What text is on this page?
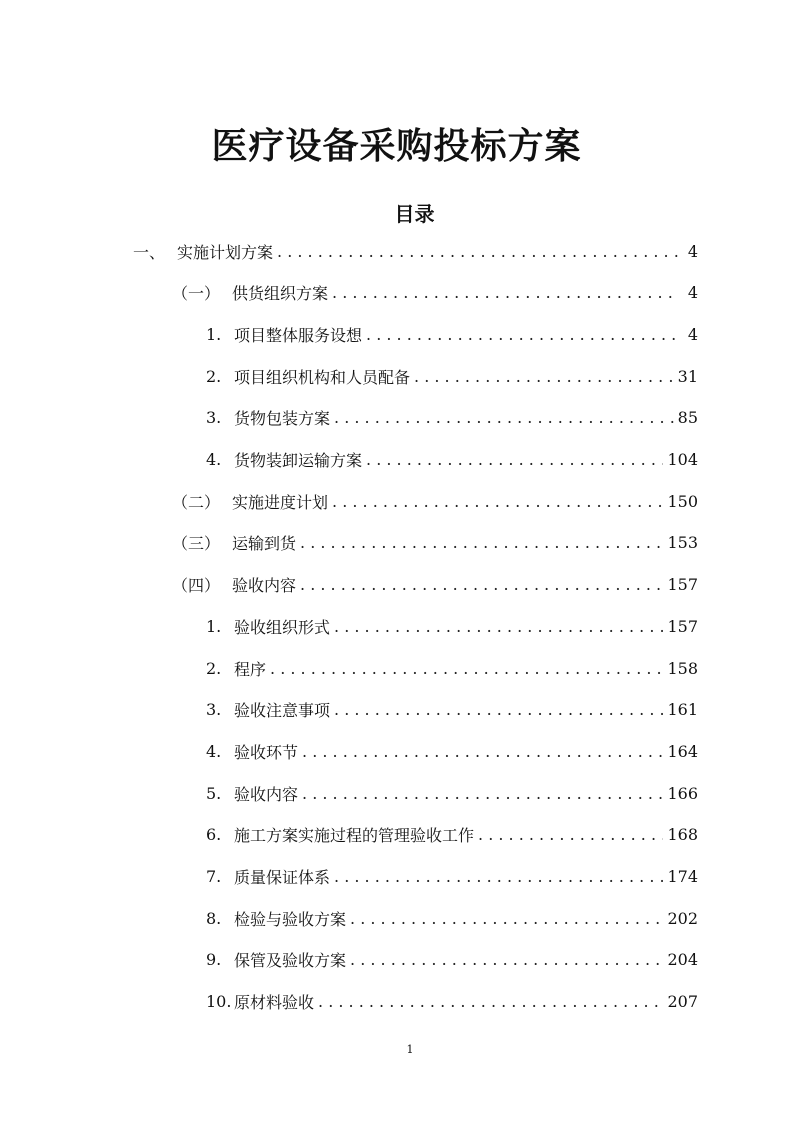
医疗设备采购投标方案
目录
一、 实施计划方案 . . .	4
（一） 供货组织方案 . . .	4
1. 项目整体服务设想 . . .	4
2. 项目组织机构和人员配备 . . .	31
3. 货物包装方案 . . .	85
4. 货物装卸运输方案 . . .	104
（二） 实施进度计划 . . .	150
（三） 运输到货 . . .	153
（四） 验收内容 . . .	157
1. 验收组织形式 . . .	157
2. 程序 . . .	158
3. 验收注意事项 . . .	161
4. 验收环节 . . .	164
5. 验收内容 . . .	166
6. 施工方案实施过程的管理验收工作 . . .	168
7. 质量保证体系 . . .	174
8. 检验与验收方案 . . .	202
9. 保管及验收方案 . . .	204
10. 原材料验收 . . .	207

1
